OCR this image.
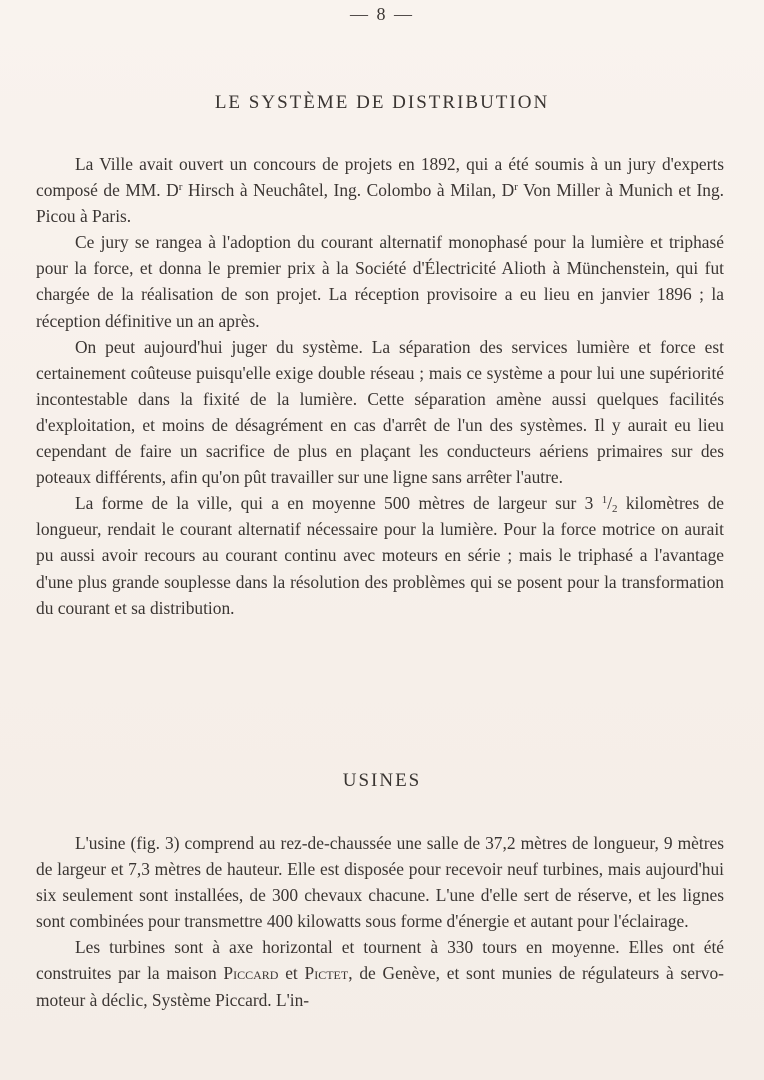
— 8 —
LE SYSTÈME DE DISTRIBUTION

La Ville avait ouvert un concours de projets en 1892, qui a été soumis à un jury d'experts composé de MM. $D^r$ Hirsch à Neuchâtel, Ing. Colombo à Milan, $D^r$ Von Miller à Munich et Ing. Picou à Paris.

Ce jury se rangea à l'adoption du courant alternatif monophasé pour la lumière et triphasé pour la force, et donna le premier prix à la Société d'Électricité Alioth à Münchenstein, qui fut chargée de la réalisation de son projet. La réception provisoire a eu lieu en janvier 1896 ; la réception définitive un an après.

On peut aujourd'hui juger du système. La séparation des services lumière et force est certainement coûteuse puisqu'elle exige double réseau ; mais ce système a pour lui une supériorité incontestable dans la fixité de la lumière. Cette séparation amène aussi quelques facilités d'exploitation, et moins de désagrément en cas d'arrêt de l'un des systèmes. Il y aurait eu lieu cependant de faire un sacrifice de plus en plaçant les conducteurs aériens primaires sur des poteaux différents, afin qu'on pût travailler sur une ligne sans arrêter l'autre.

La forme de la ville, qui a en moyenne 500 mètres de largeur sur 3 $^1$/2 kilomètres de longueur, rendait le courant alternatif nécessaire pour la lumière. Pour la force motrice on aurait pu aussi avoir recours au courant continu avec moteurs en série ; mais le triphasé a l'avantage d'une plus grande souplesse dans la résolution des problèmes qui se posent pour la transformation du courant et sa distribution.

USINES

L'usine (fig. 3) comprend au rez-de-chaussée une salle de 37,2 mètres de longueur, 9 mètres de largeur et 7,3 mètres de hauteur. Elle est disposée pour recevoir neuf turbines, mais aujourd'hui six seulement sont installées, de 300 chevaux chacune. L'une d'elle sert de réserve, et les lignes sont combinées pour transmettre 400 kilowatts sous forme d'énergie et autant pour l'éclairage.

Les turbines sont à axe horizontal et tournent à 330 tours en moyenne. Elles ont été construites par la maison Piccard et Pictet, de Genève, et sont munies de régulateurs à servo-moteur à déclic, Système Piccard. L'in-
